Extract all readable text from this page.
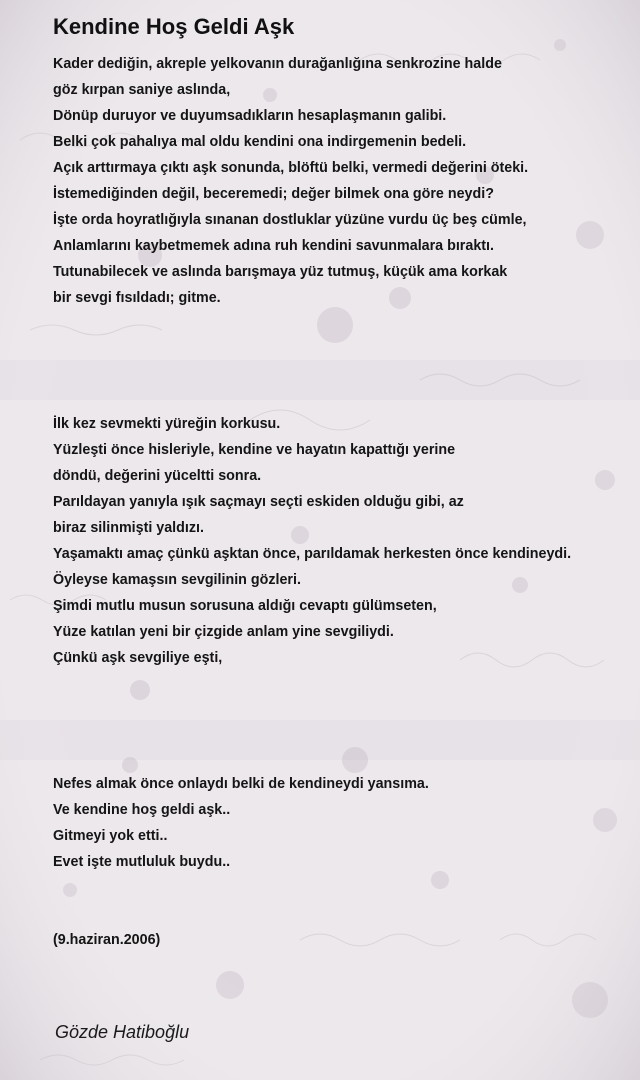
Kendine Hoş Geldi Aşk
Kader dediğin, akreple yelkovanın durağanlığına senkrozine halde
göz kırpan saniye aslında,
Dönüp duruyor ve duyumsadıkların hesaplaşmanın galibi.
Belki çok pahalıya mal oldu kendini ona indirgemenin bedeli.
Açık arttırmaya çıktı aşk sonunda, blöftü belki, vermedi değerini öteki.
İstemediğinden değil, beceremedi; değer bilmek ona göre neydi?
İşte orda hoyratlığıyla sınanan dostluklar yüzüne vurdu üç beş cümle,
Anlamlarını kaybetmemek adına ruh kendini savunmalara bıraktı.
Tutunabilecek ve aslında barışmaya yüz tutmuş, küçük ama korkak
bir sevgi fısıldadı; gitme.
İlk kez sevmekti yüreğin korkusu.
Yüzleşti önce hisleriyle, kendine ve hayatın kapattığı yerine
döndü, değerini yüceltti sonra.
Parıldayan yanıyla ışık saçmayı seçti eskiden olduğu gibi, az
biraz silinmişti yaldızı.
Yaşamaktı amaç çünkü aşktan önce, parıldamak herkesten önce kendineydi.
Öyleyse kamaşsın sevgilinin gözleri.
Şimdi mutlu musun sorusuna aldığı cevaptı gülümseten,
Yüze katılan yeni bir çizgide anlam yine sevgiliydi.
Çünkü aşk sevgiliye eşti,
Nefes almak önce onlaydı belki de kendineydi yansıma.
Ve kendine hoş geldi aşk..
Gitmeyi yok etti..
Evet işte mutluluk buydu..
(9.haziran.2006)
Gözde Hatiboğlu
